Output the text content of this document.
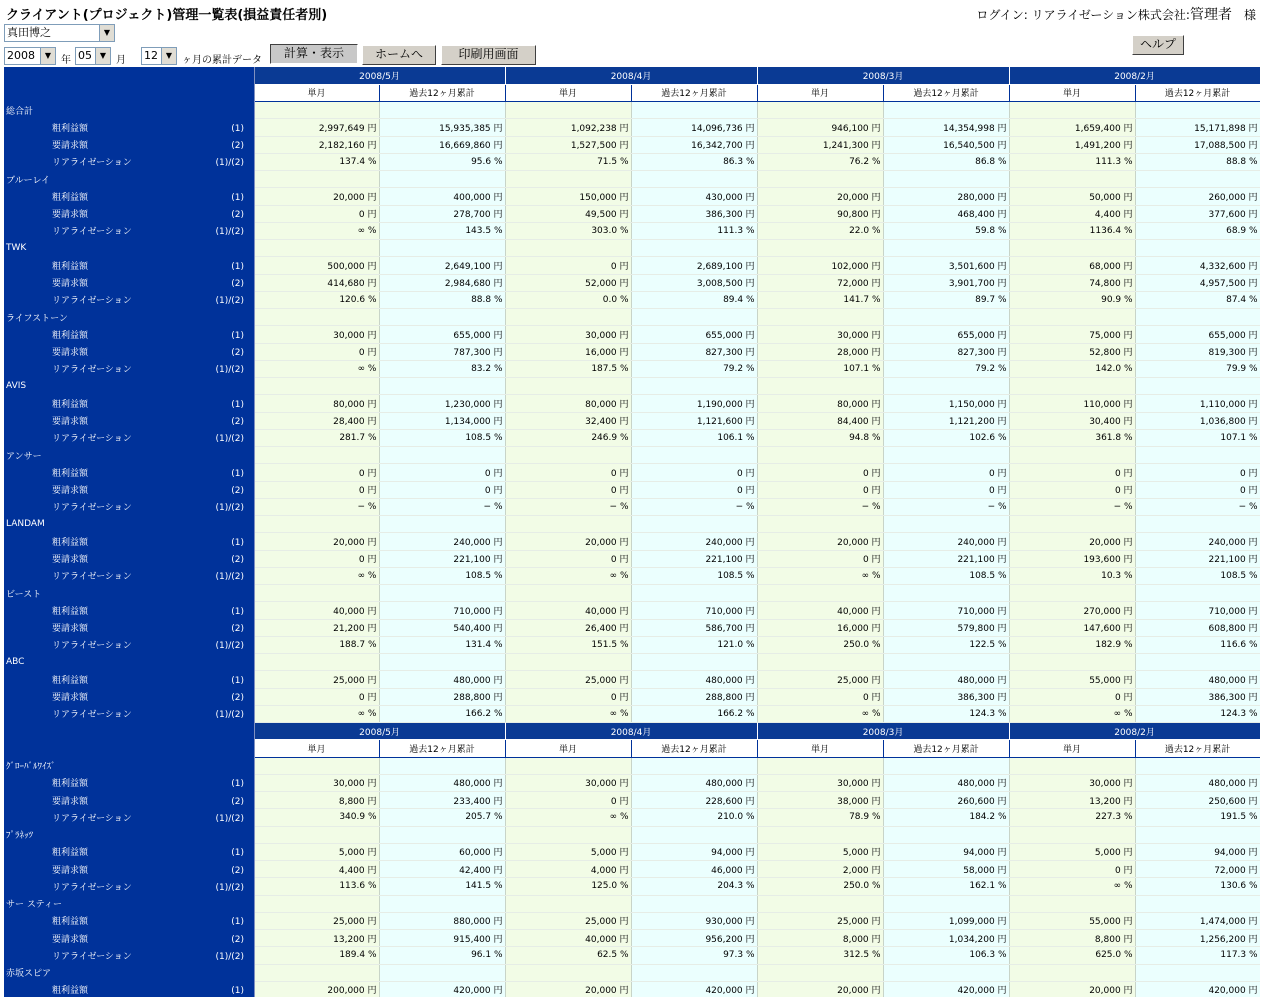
クライアント(プロジェクト)管理一覧表(損益責任者別)	ログイン: リアライゼーション株式会社:管理者　 様
真田博之	▼
2008	▼ 年 05 ▼ 月 12 ▼ ヶ月の累計データ
計算・表示	ホームへ	印刷用画面
ヘルプ
	2008/5月		2008/4月		2008/3月		2008/2月	
	単月	過去12ヶ月累計	単月	過去12ヶ月累計	単月	過去12ヶ月累計	単月	過去12ヶ月累計
総合計								
粗利益額 (1)	2,997,649 円	15,935,385 円	1,092,238 円	14,096,736 円	946,100 円	14,354,998 円	1,659,400 円	15,171,898 円
要請求額 (2)	2,182,160 円	16,669,860 円	1,527,500 円	16,342,700 円	1,241,300 円	16,540,500 円	1,491,200 円	17,088,500 円
リアライゼーション (1)/(2)	137.4 %	95.6 %	71.5 %	86.3 %	76.2 %	86.8 %	111.3 %	88.8 %
ブルーレイ								
粗利益額 (1)	20,000 円	400,000 円	150,000 円	430,000 円	20,000 円	280,000 円	50,000 円	260,000 円
要請求額 (2)	0 円	278,700 円	49,500 円	386,300 円	90,800 円	468,400 円	4,400 円	377,600 円
リアライゼーション (1)/(2)	∞ %	143.5 %	303.0 %	111.3 %	22.0 %	59.8 %	1136.4 %	68.9 %
TWK								
粗利益額 (1)	500,000 円	2,649,100 円	0 円	2,689,100 円	102,000 円	3,501,600 円	68,000 円	4,332,600 円
要請求額 (2)	414,680 円	2,984,680 円	52,000 円	3,008,500 円	72,000 円	3,901,700 円	74,800 円	4,957,500 円
リアライゼーション (1)/(2)	120.6 %	88.8 %	0.0 %	89.4 %	141.7 %	89.7 %	90.9 %	87.4 %
ライフストーン								
粗利益額 (1)	30,000 円	655,000 円	30,000 円	655,000 円	30,000 円	655,000 円	75,000 円	655,000 円
要請求額 (2)	0 円	787,300 円	16,000 円	827,300 円	28,000 円	827,300 円	52,800 円	819,300 円
リアライゼーション (1)/(2)	∞ %	83.2 %	187.5 %	79.2 %	107.1 %	79.2 %	142.0 %	79.9 %
AVIS								
粗利益額 (1)	80,000 円	1,230,000 円	80,000 円	1,190,000 円	80,000 円	1,150,000 円	110,000 円	1,110,000 円
要請求額 (2)	28,400 円	1,134,000 円	32,400 円	1,121,600 円	84,400 円	1,121,200 円	30,400 円	1,036,800 円
リアライゼーション (1)/(2)	281.7 %	108.5 %	246.9 %	106.1 %	94.8 %	102.6 %	361.8 %	107.1 %
アンサー								
粗利益額 (1)	0 円	0 円	0 円	0 円	0 円	0 円	0 円	0 円
要請求額 (2)	0 円	0 円	0 円	0 円	0 円	0 円	0 円	0 円
リアライゼーション (1)/(2)	− %	− %	− %	− %	− %	− %	− %	− %
LANDAM								
粗利益額 (1)	20,000 円	240,000 円	20,000 円	240,000 円	20,000 円	240,000 円	20,000 円	240,000 円
要請求額 (2)	0 円	221,100 円	0 円	221,100 円	0 円	221,100 円	193,600 円	221,100 円
リアライゼーション (1)/(2)	∞ %	108.5 %	∞ %	108.5 %	∞ %	108.5 %	10.3 %	108.5 %
ビースト								
粗利益額 (1)	40,000 円	710,000 円	40,000 円	710,000 円	40,000 円	710,000 円	270,000 円	710,000 円
要請求額 (2)	21,200 円	540,400 円	26,400 円	586,700 円	16,000 円	579,800 円	147,600 円	608,800 円
リアライゼーション (1)/(2)	188.7 %	131.4 %	151.5 %	121.0 %	250.0 %	122.5 %	182.9 %	116.6 %
ABC								
粗利益額 (1)	25,000 円	480,000 円	25,000 円	480,000 円	25,000 円	480,000 円	55,000 円	480,000 円
要請求額 (2)	0 円	288,800 円	0 円	288,800 円	0 円	386,300 円	0 円	386,300 円
リアライゼーション (1)/(2)	∞ %	166.2 %	∞ %	166.2 %	∞ %	124.3 %	∞ %	124.3 %
	2008/5月		2008/4月		2008/3月		2008/2月	
	単月	過去12ヶ月累計	単月	過去12ヶ月累計	単月	過去12ヶ月累計	単月	過去12ヶ月累計
ｸﾞﾛｰﾊﾞﾙﾜｲｽﾞ								
粗利益額 (1)	30,000 円	480,000 円	30,000 円	480,000 円	30,000 円	480,000 円	30,000 円	480,000 円
要請求額 (2)	8,800 円	233,400 円	0 円	228,600 円	38,000 円	260,600 円	13,200 円	250,600 円
リアライゼーション (1)/(2)	340.9 %	205.7 %	∞ %	210.0 %	78.9 %	184.2 %	227.3 %	191.5 %
ﾌﾟﾗﾈｯﾂ								
粗利益額 (1)	5,000 円	60,000 円	5,000 円	94,000 円	5,000 円	94,000 円	5,000 円	94,000 円
要請求額 (2)	4,400 円	42,400 円	4,000 円	46,000 円	2,000 円	58,000 円	0 円	72,000 円
リアライゼーション (1)/(2)	113.6 %	141.5 %	125.0 %	204.3 %	250.0 %	162.1 %	∞ %	130.6 %
サー スティー								
粗利益額 (1)	25,000 円	880,000 円	25,000 円	930,000 円	25,000 円	1,099,000 円	55,000 円	1,474,000 円
要請求額 (2)	13,200 円	915,400 円	40,000 円	956,200 円	8,000 円	1,034,200 円	8,800 円	1,256,200 円
リアライゼーション (1)/(2)	189.4 %	96.1 %	62.5 %	97.3 %	312.5 %	106.3 %	625.0 %	117.3 %
赤坂スピア								
粗利益額 (1)	200,000 円	420,000 円	20,000 円	420,000 円	20,000 円	420,000 円	20,000 円	420,000 円
